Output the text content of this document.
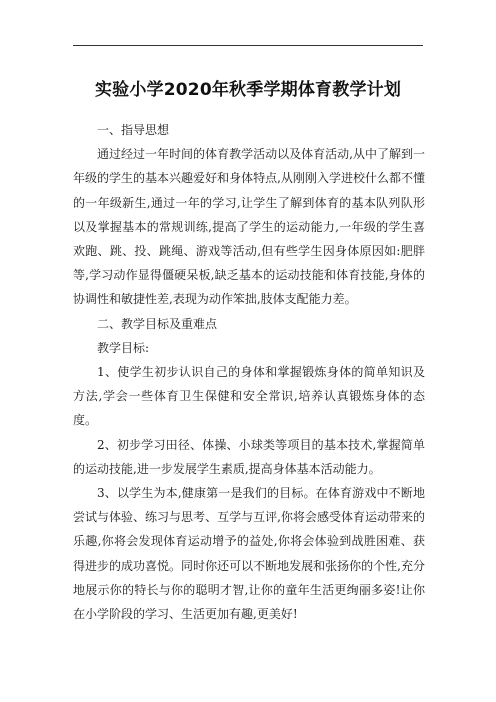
实验小学2020年秋季学期体育教学计划

一、指导思想

通过经过一年时间的体育教学活动以及体育活动,从中了解到一年级的学生的基本兴趣爱好和身体特点,从刚刚入学进校什么都不懂的一年级新生,通过一年的学习,让学生了解到体育的基本队列队形以及掌握基本的常规训练,提高了学生的运动能力,一年级的学生喜欢跑、跳、投、跳绳、游戏等活动,但有些学生因身体原因如:肥胖等,学习动作显得僵硬呆板,缺乏基本的运动技能和体育技能,身体的协调性和敏捷性差,表现为动作笨拙,肢体支配能力差。

二、教学目标及重难点

教学目标:

1、使学生初步认识自己的身体和掌握锻炼身体的简单知识及方法,学会一些体育卫生保健和安全常识,培养认真锻炼身体的态度。

2、初步学习田径、体操、小球类等项目的基本技术,掌握简单的运动技能,进一步发展学生素质,提高身体基本活动能力。

3、以学生为本,健康第一是我们的目标。在体育游戏中不断地尝试与体验、练习与思考、互学与互评,你将会感受体育运动带来的乐趣,你将会发现体育运动增予的益处,你将会体验到战胜困难、获得进步的成功喜悦。同时你还可以不断地发展和张扬你的个性,充分地展示你的特长与你的聪明才智,让你的童年生活更绚丽多姿!让你在小学阶段的学习、生活更加有趣,更美好!
